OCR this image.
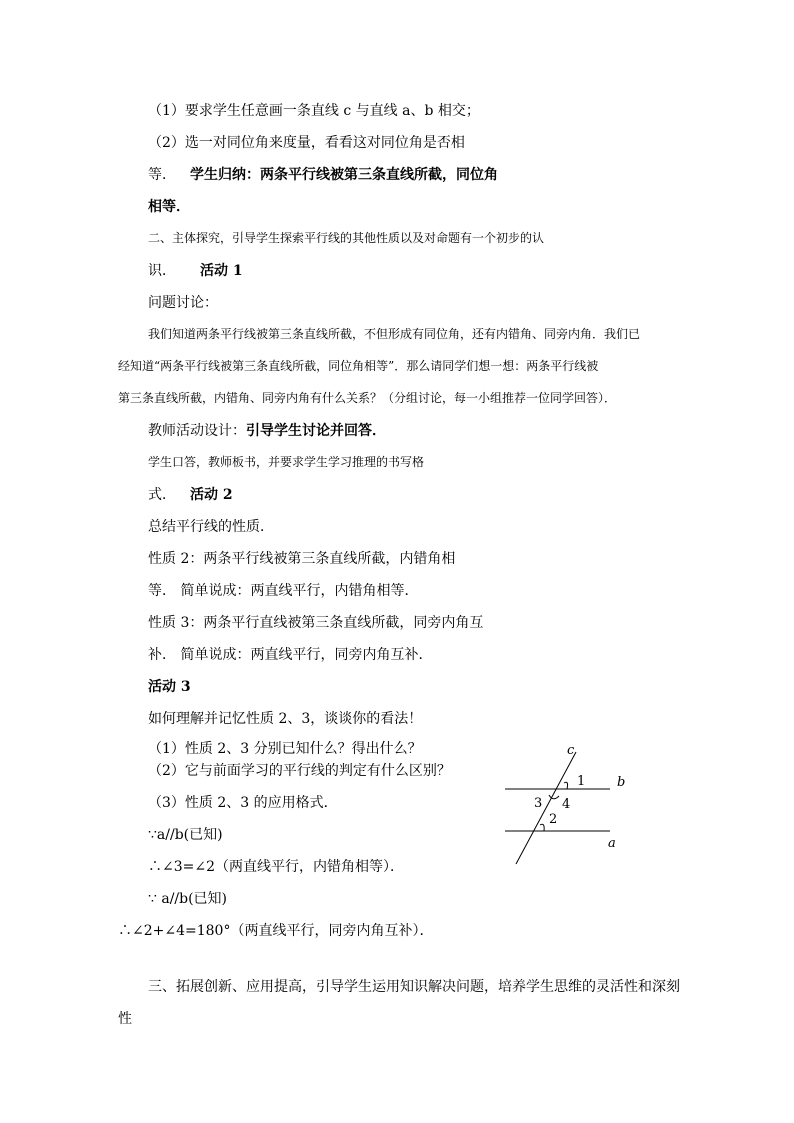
（1）要求学生任意画一条直线 c 与直线 a、b 相交；
（2）选一对同位角来度量，看看这对同位角是否相
等． 学生归纳：两条平行线被第三条直线所截，同位角
相等．
二、主体探究，引导学生探索平行线的其他性质以及对命题有一个初步的认
识． 活动 1
问题讨论：
我们知道两条平行线被第三条直线所截，不但形成有同位角，还有内错角、同旁内角．我们已
经知道“两条平行线被第三条直线所截，同位角相等”．那么请同学们想一想：两条平行线被
第三条直线所截，内错角、同旁内角有什么关系？（分组讨论，每一小组推荐一位同学回答）．
教师活动设计：引导学生讨论并回答．
学生口答，教师板书，并要求学生学习推理的书写格
式． 活动 2
总结平行线的性质．
性质 2：两条平行线被第三条直线所截，内错角相
等． 简单说成：两直线平行，内错角相等．
性质 3：两条平行直线被第三条直线所截，同旁内角互
补． 简单说成：两直线平行，同旁内角互补．
活动 3
如何理解并记忆性质 2、3，谈谈你的看法！
（1）性质 2、3 分别已知什么？得出什么？
（2）它与前面学习的平行线的判定有什么区别？
（3）性质 2、3 的应用格式．
∵a//b(已知)
∴∠3=∠2（两直线平行，内错角相等）．
∵ a//b(已知)
∴∠2+∠4=180°（两直线平行，同旁内角互补）．
三、拓展创新、应用提高，引导学生运用知识解决问题，培养学生思维的灵活性和深刻
性
c
1 b
3 4
2
a
